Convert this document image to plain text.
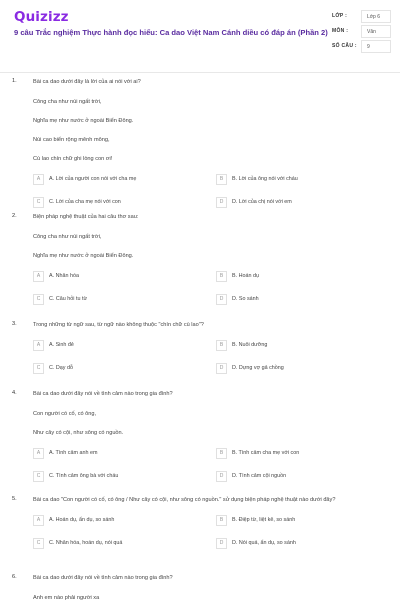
Quizizz
9 câu Trắc nghiệm Thực hành đọc hiểu: Ca dao Việt Nam Cánh diều có đáp án (Phần 2)
LỚP :	Lớp 6
MÔN :	Văn
SỐ CÂU :	9
1.	Bài ca dao dưới đây là lời của ai nói với ai?
Công cha như núi ngất trời,
Nghĩa mẹ như nước ở ngoài Biển Đông.
Núi cao biển rộng mênh mông,
Cù lao chín chữ ghi lòng con ơi!
A	A. Lời của người con nói với cha mẹ	B	B. Lời của ông nói với cháu
C	C. Lời của cha mẹ nói với con	D	D. Lời của chị nói với em
2.	Biện pháp nghệ thuật của hai câu thơ sau:
Công cha như núi ngất trời,
Nghĩa mẹ như nước ở ngoài Biển Đông.
A	A. Nhân hóa	B	B. Hoán dụ
C	C. Câu hỏi tu từ	D	D. So sánh
3.	Trong những từ ngữ sau, từ ngữ nào không thuộc "chín chữ cù lao"?
A	A. Sinh đẻ	B	B. Nuôi dưỡng
C	C. Dạy dỗ	D	D. Dựng vợ gả chồng
4.	Bài ca dao dưới đây nói về tình cảm nào trong gia đình?
Con người có cố, có ông,
Như cây có cội, như sông có nguồn.
A	A. Tình cảm anh em	B	B. Tình cảm cha mẹ với con
C	C. Tình cảm ông bà với cháu	D	D. Tình cảm cội nguồn
5.	Bài ca dao "Con người có cố, có ông / Như cây có cội, như sông có nguồn." sử dụng biện pháp nghệ thuật nào dưới đây?
A	A. Hoán dụ, ẩn dụ, so sánh	B	B. Điệp từ, liệt kê, so sánh
C	C. Nhân hóa, hoán dụ, nói quá	D	D. Nói quá, ẩn dụ, so sánh
6.	Bài ca dao dưới đây nói về tình cảm nào trong gia đình?
Anh em nào phải người xa
